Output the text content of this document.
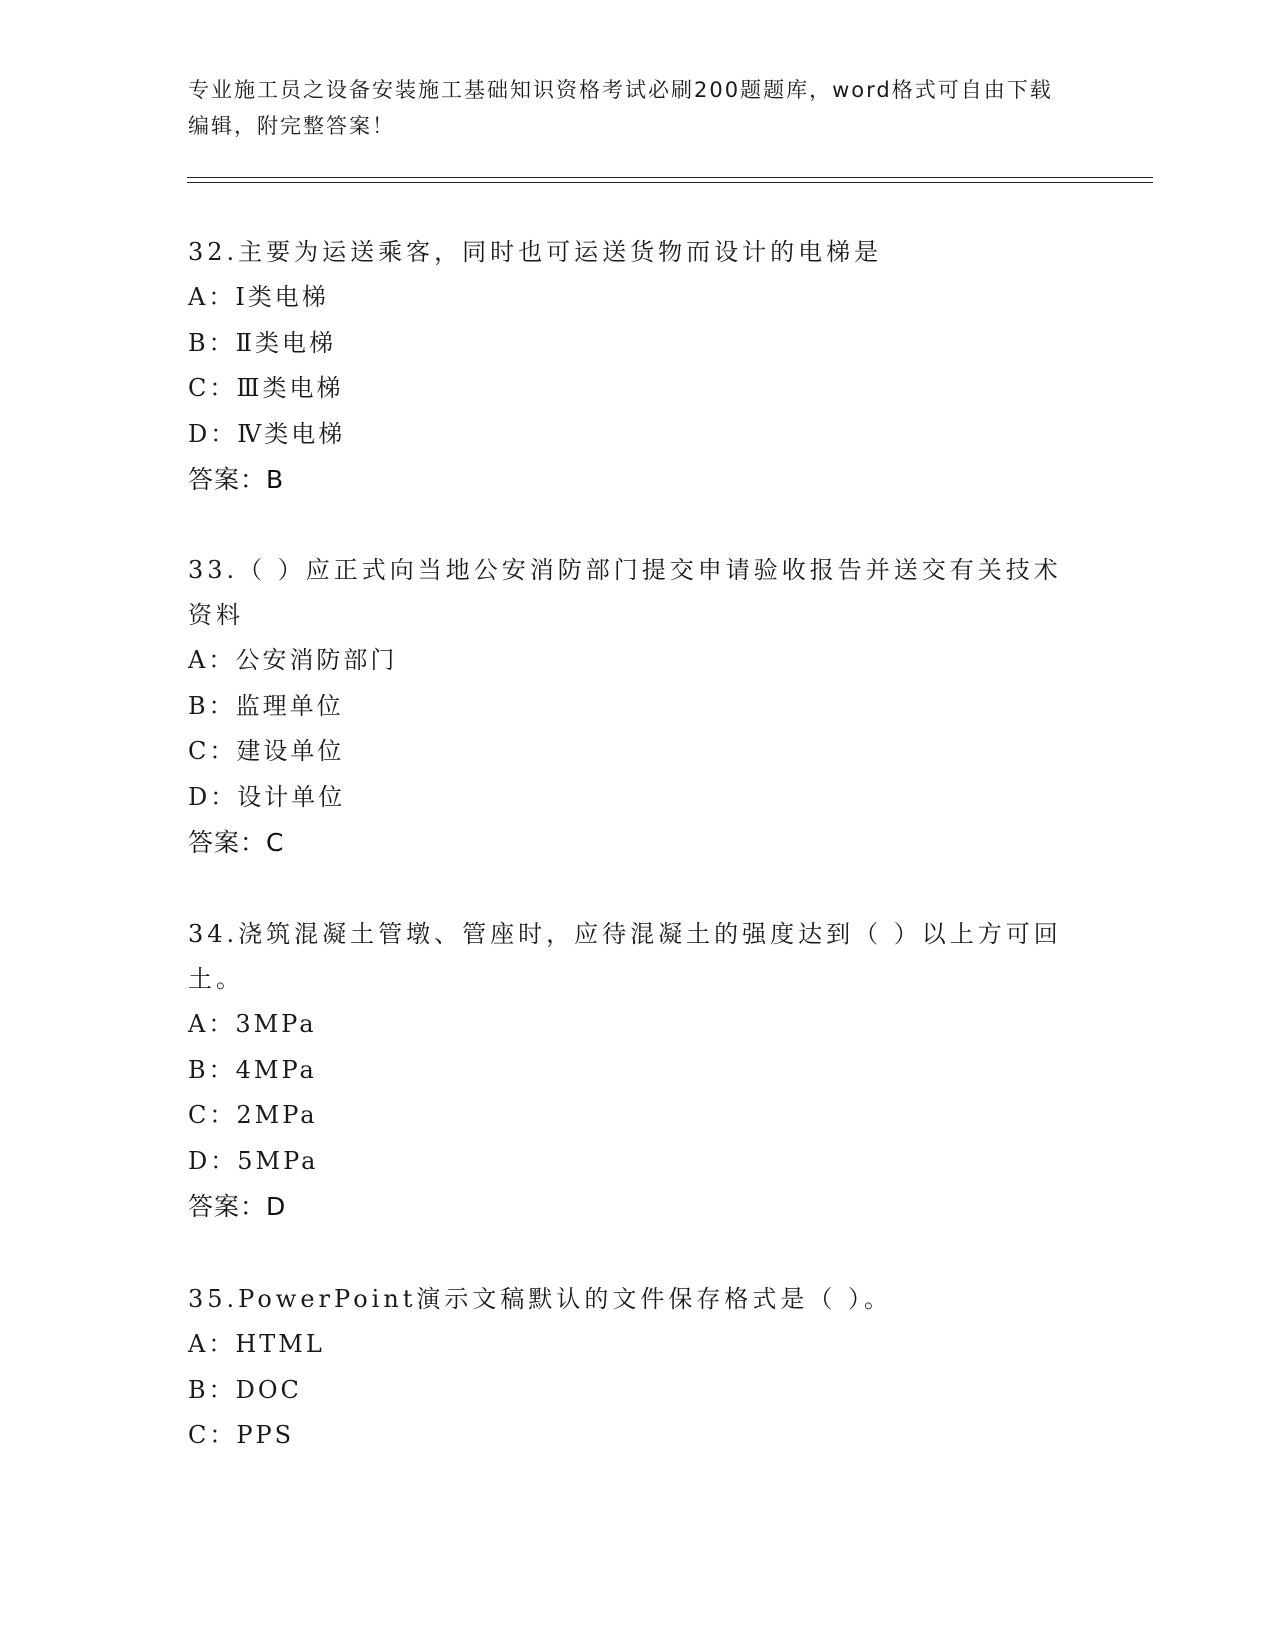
专业施工员之设备安装施工基础知识资格考试必刷200题题库，word格式可自由下载编辑，附完整答案！

32.主要为运送乘客，同时也可运送货物而设计的电梯是

A：Ⅰ类电梯

B：Ⅱ类电梯

C：Ⅲ类电梯

D：Ⅳ类电梯

答案：B

33.（ ）应正式向当地公安消防部门提交申请验收报告并送交有关技术资料

A：公安消防部门

B：监理单位

C：建设单位

D：设计单位

答案：C

34.浇筑混凝土管墩、管座时，应待混凝土的强度达到（ ）以上方可回土。

A：3MPa

B：4MPa

C：2MPa

D：5MPa

答案：D

35.PowerPoint演示文稿默认的文件保存格式是（ ）。

A：HTML

B：DOC

C：PPS
